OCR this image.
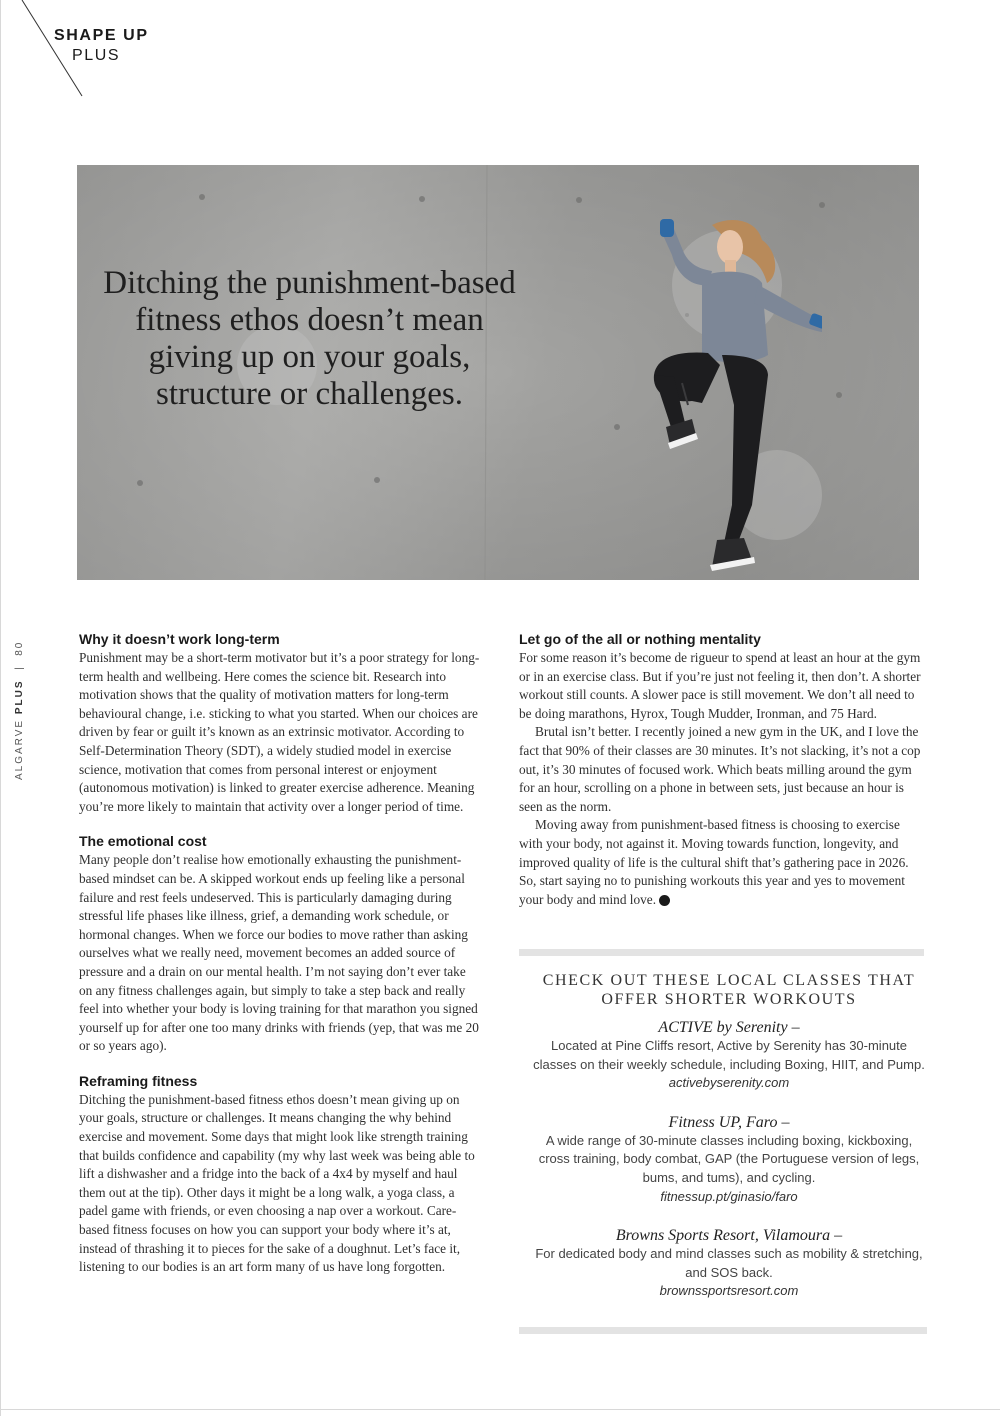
SHAPE UP
PLUS

Ditching the punishment-based fitness ethos doesn’t mean giving up on your goals, structure or challenges.

ALGARVE PLUS  |  80
Why it doesn’t work long-term

Punishment may be a short-term motivator but it’s a poor strategy for long-term health and wellbeing. Here comes the science bit. Research into motivation shows that the quality of motivation matters for long-term behavioural change, i.e. sticking to what you started. When our choices are driven by fear or guilt it’s known as an extrinsic motivator. According to Self-Determination Theory (SDT), a widely studied model in exercise science, motivation that comes from personal interest or enjoyment (autonomous motivation) is linked to greater exercise adherence. Meaning you’re more likely to maintain that activity over a longer period of time.

The emotional cost

Many people don’t realise how emotionally exhausting the punishment-based mindset can be. A skipped workout ends up feeling like a personal failure and rest feels undeserved. This is particularly damaging during stressful life phases like illness, grief, a demanding work schedule, or hormonal changes. When we force our bodies to move rather than asking ourselves what we really need, movement becomes an added source of pressure and a drain on our mental health. I’m not saying don’t ever take on any fitness challenges again, but simply to take a step back and really feel into whether your body is loving training for that marathon you signed yourself up for after one too many drinks with friends (yep, that was me 20 or so years ago).

Reframing fitness

Ditching the punishment-based fitness ethos doesn’t mean giving up on your goals, structure or challenges. It means changing the why behind exercise and movement. Some days that might look like strength training that builds confidence and capability (my why last week was being able to lift a dishwasher and a fridge into the back of a 4x4 by myself and haul them out at the tip). Other days it might be a long walk, a yoga class, a padel game with friends, or even choosing a nap over a workout. Care-based fitness focuses on how you can support your body where it’s at, instead of thrashing it to pieces for the sake of a doughnut. Let’s face it, listening to our bodies is an art form many of us have long forgotten.

Let go of the all or nothing mentality

For some reason it’s become de rigueur to spend at least an hour at the gym or in an exercise class. But if you’re just not feeling it, then don’t. A shorter workout still counts. A slower pace is still movement. We don’t all need to be doing marathons, Hyrox, Tough Mudder, Ironman, and 75 Hard.

Brutal isn’t better. I recently joined a new gym in the UK, and I love the fact that 90% of their classes are 30 minutes. It’s not slacking, it’s not a cop out, it’s 30 minutes of focused work. Which beats milling around the gym for an hour, scrolling on a phone in between sets, just because an hour is seen as the norm.

Moving away from punishment-based fitness is choosing to exercise with your body, not against it. Moving towards function, longevity, and improved quality of life is the cultural shift that’s gathering pace in 2026. So, start saying no to punishing workouts this year and yes to movement your body and mind love.	AP

CHECK OUT THESE LOCAL CLASSES THAT OFFER SHORTER WORKOUTS

ACTIVE by Serenity –

Located at Pine Cliffs resort, Active by Serenity has 30-minute classes on their weekly schedule, including Boxing, HIIT, and Pump.

activebyserenity.com

Fitness UP, Faro –

A wide range of 30-minute classes including boxing, kickboxing, cross training, body combat, GAP (the Portuguese version of legs, bums, and tums), and cycling.

fitnessup.pt/ginasio/faro

Browns Sports Resort, Vilamoura –

For dedicated body and mind classes such as mobility & stretching, and SOS back.

brownssportsresort.com
